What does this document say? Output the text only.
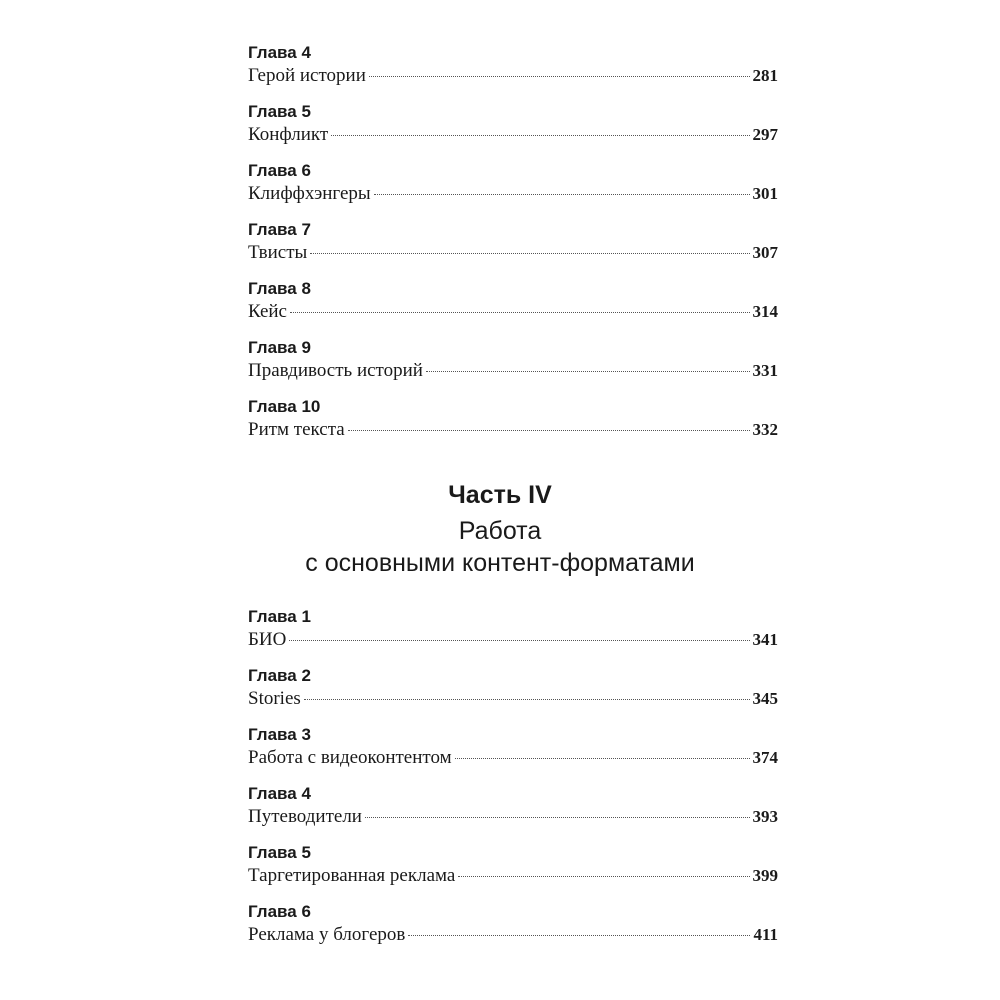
Глава 4
Герой истории	281
Глава 5
Конфликт	297
Глава 6
Клиффхэнгеры	301
Глава 7
Твисты	307
Глава 8
Кейс	314
Глава 9
Правдивость историй	331
Глава 10
Ритм текста	332
Часть IV
Работа
с основными контент-форматами
Глава 1
БИО	341
Глава 2
Stories	345
Глава 3
Работа с видеоконтентом	374
Глава 4
Путеводители	393
Глава 5
Таргетированная реклама	399
Глава 6
Реклама у блогеров	411
